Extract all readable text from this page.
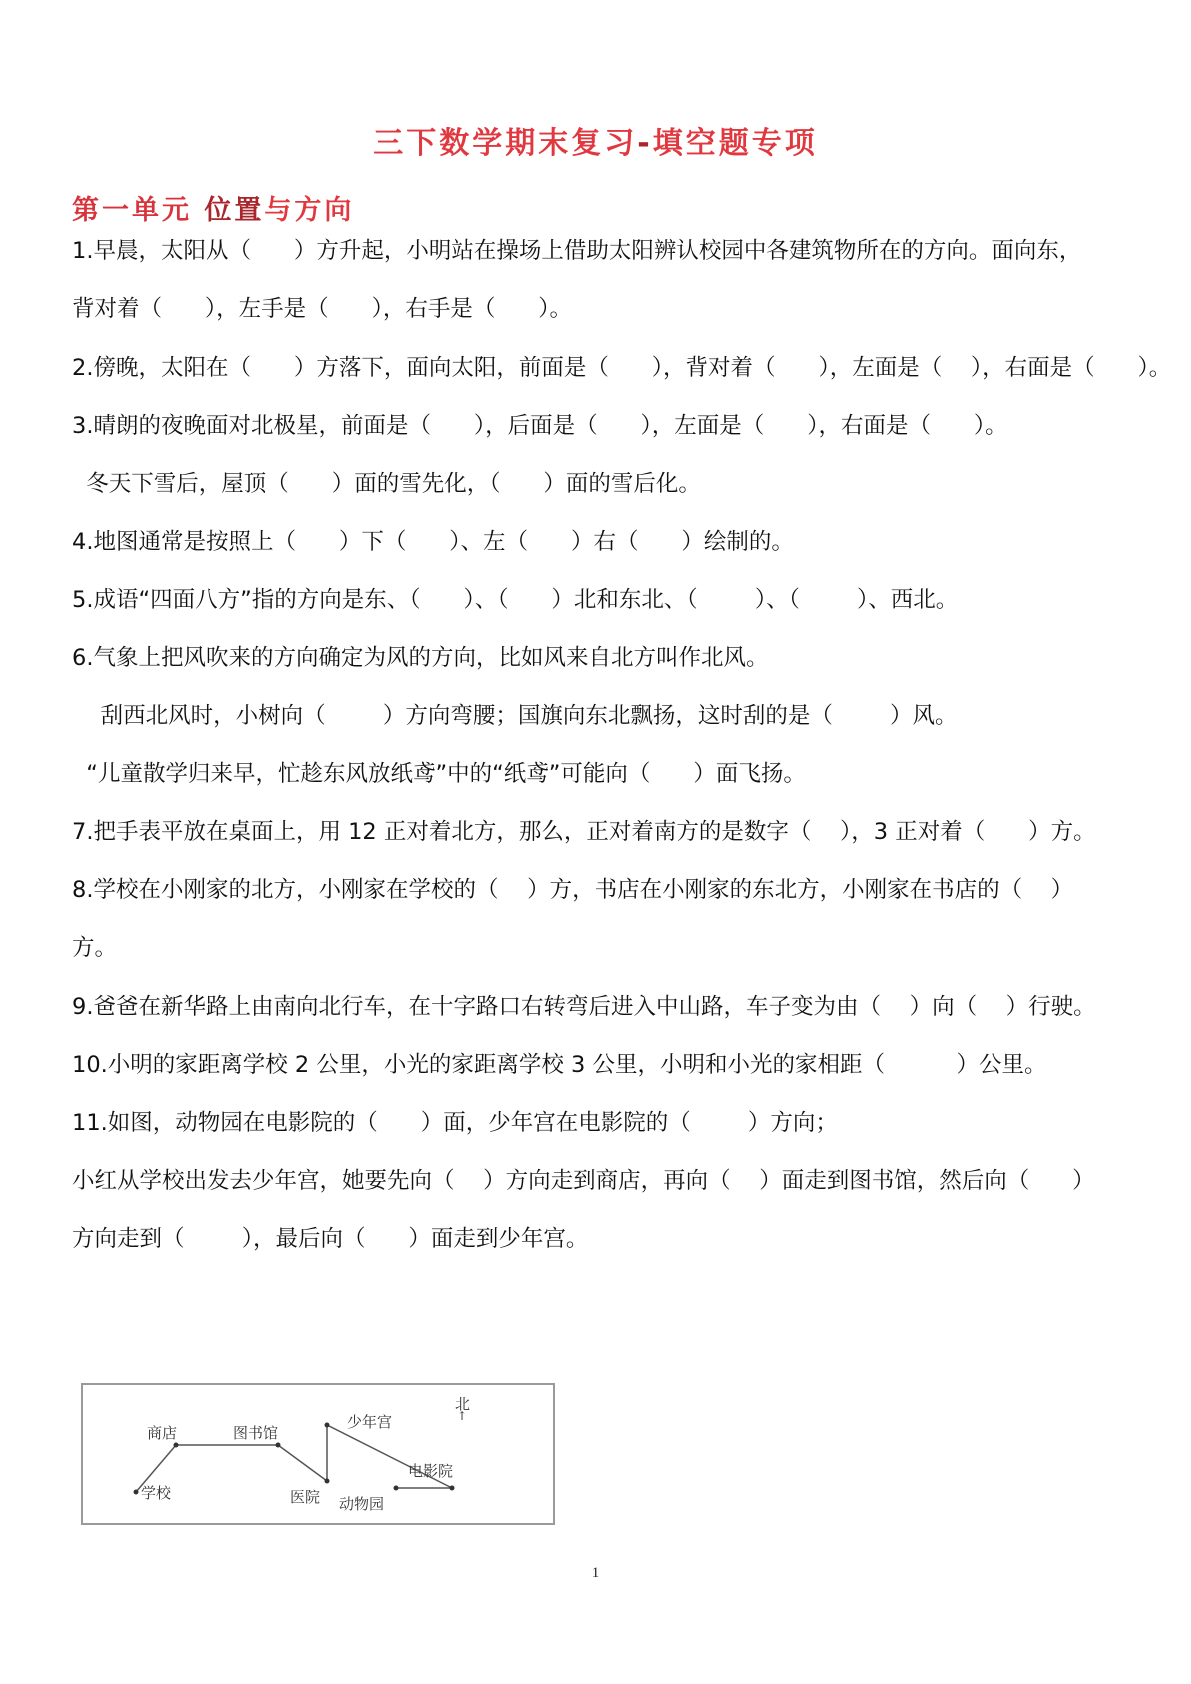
三下数学期末复习-填空题专项
第一单元 位置与方向
1.早晨，太阳从（      ）方升起，小明站在操场上借助太阳辨认校园中各建筑物所在的方向。面向东，
背对着（      ），左手是（      ），右手是（      ）。
2.傍晚，太阳在（      ）方落下，面向太阳，前面是（      ），背对着（      ），左面是（    ），右面是（      ）。
3.晴朗的夜晚面对北极星，前面是（      ），后面是（      ），左面是（      ），右面是（      ）。
冬天下雪后，屋顶（      ）面的雪先化，（      ）面的雪后化。
4.地图通常是按照上（      ）下（      ）、左（      ）右（      ）绘制的。
5.成语“四面八方”指的方向是东、（      ）、（      ）北和东北、（        ）、（        ）、西北。
6.气象上把风吹来的方向确定为风的方向，比如风来自北方叫作北风。
刮西北风时，小树向（        ）方向弯腰；国旗向东北飘扬，这时刮的是（        ）风。
“儿童散学归来早，忙趁东风放纸鸢”中的“纸鸢”可能向（      ）面飞扬。
7.把手表平放在桌面上，用 12 正对着北方，那么，正对着南方的是数字（    ），3 正对着（      ）方。
8.学校在小刚家的北方，小刚家在学校的（    ）方，书店在小刚家的东北方，小刚家在书店的（    ）
方。
9.爸爸在新华路上由南向北行车，在十字路口右转弯后进入中山路，车子变为由（    ）向（    ）行驶。
10.小明的家距离学校 2 公里，小光的家距离学校 3 公里，小明和小光的家相距（          ）公里。
11.如图，动物园在电影院的（      ）面，少年宫在电影院的（        ）方向；
小红从学校出发去少年宫，她要先向（    ）方向走到商店，再向（    ）面走到图书馆，然后向（      ）
方向走到（        ），最后向（      ）面走到少年宫。
学校
商店	图书馆
医院
少年宫
电影院
动物园
北
↑
1
